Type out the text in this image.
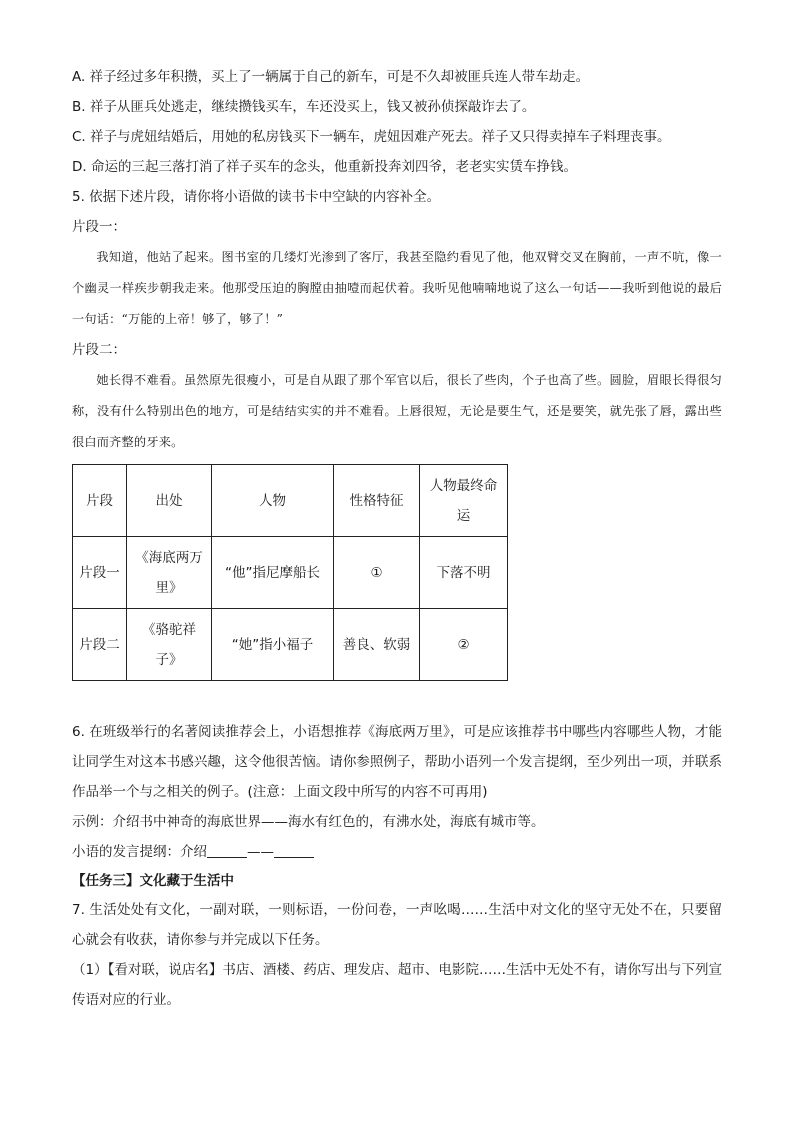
A. 祥子经过多年积攒，买上了一辆属于自己的新车，可是不久却被匪兵连人带车劫走。
B. 祥子从匪兵处逃走，继续攒钱买车，车还没买上，钱又被孙侦探敲诈去了。
C. 祥子与虎妞结婚后，用她的私房钱买下一辆车，虎妞因难产死去。祥子又只得卖掉车子料理丧事。
D. 命运的三起三落打消了祥子买车的念头，他重新投奔刘四爷，老老实实赁车挣钱。
5. 依据下述片段，请你将小语做的读书卡中空缺的内容补全。
片段一：
我知道，他站了起来。图书室的几缕灯光渗到了客厅，我甚至隐约看见了他，他双臂交叉在胸前，一声不吭，像一个幽灵一样疾步朝我走来。他那受压迫的胸膛由抽噎而起伏着。我听见他喃喃地说了这么一句话——我听到他说的最后一句话：“万能的上帝！够了，够了！”
片段二：
她长得不难看。虽然原先很瘦小，可是自从跟了那个军官以后，很长了些肉，个子也高了些。圆脸，眉眼长得很匀称，没有什么特别出色的地方，可是结结实实的并不难看。上唇很短，无论是要生气，还是要笑，就先张了唇，露出些很白而齐整的牙来。
片段	出处	人物	性格特征	人物最终命运
片段一	《海底两万里》	“他”指尼摩船长	①	下落不明
片段二	《骆驼祥子》	“她”指小福子	善良、软弱	②
6. 在班级举行的名著阅读推荐会上，小语想推荐《海底两万里》，可是应该推荐书中哪些内容哪些人物，才能让同学生对这本书感兴趣，这令他很苦恼。请你参照例子，帮助小语列一个发言提纲，至少列出一项，并联系作品举一个与之相关的例子。(注意：上面文段中所写的内容不可再用)
示例：介绍书中神奇的海底世界——海水有红色的，有沸水处，海底有城市等。
小语的发言提纲：介绍	——
【任务三】文化藏于生活中
7. 生活处处有文化，一副对联，一则标语，一份问卷，一声吆喝……生活中对文化的坚守无处不在，只要留心就会有收获，请你参与并完成以下任务。
（1）【看对联，说店名】书店、酒楼、药店、理发店、超市、电影院……生活中无处不有，请你写出与下列宣传语对应的行业。
